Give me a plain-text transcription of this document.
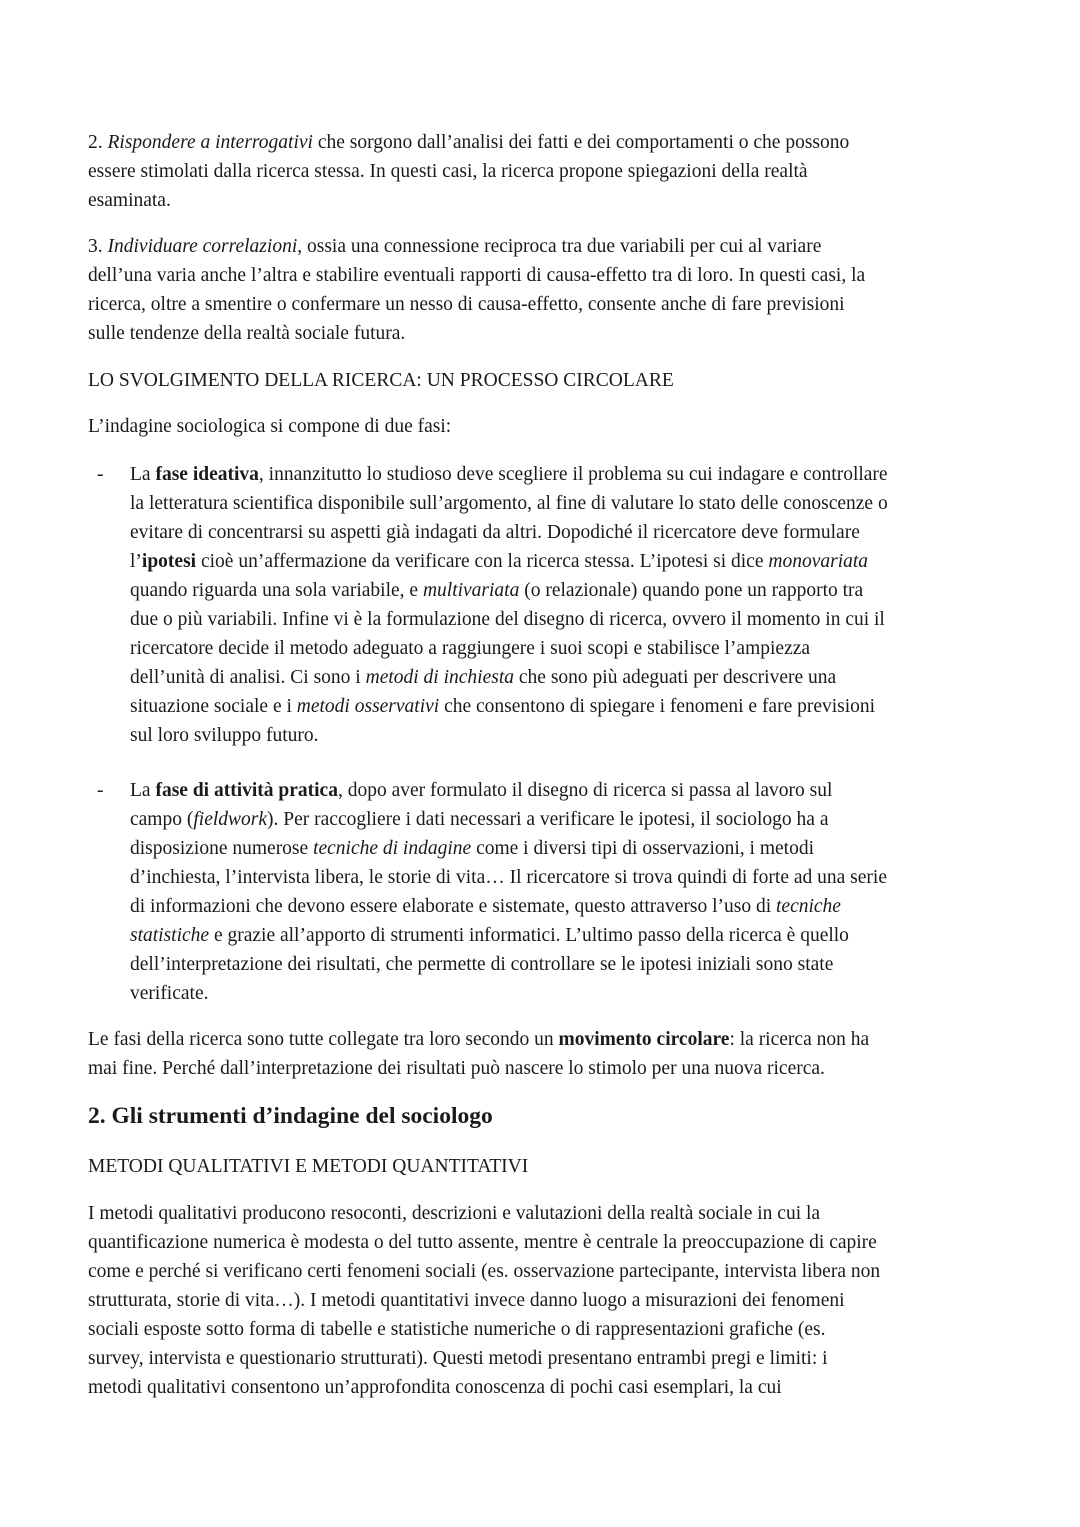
2. Rispondere a interrogativi che sorgono dall’analisi dei fatti e dei comportamenti o che possono
essere stimolati dalla ricerca stessa. In questi casi, la ricerca propone spiegazioni della realtà
esaminata.
3. Individuare correlazioni, ossia una connessione reciproca tra due variabili per cui al variare
dell’una varia anche l’altra e stabilire eventuali rapporti di causa-effetto tra di loro. In questi casi, la
ricerca, oltre a smentire o confermare un nesso di causa-effetto, consente anche di fare previsioni
sulle tendenze della realtà sociale futura.
LO SVOLGIMENTO DELLA RICERCA: UN PROCESSO CIRCOLARE
L’indagine sociologica si compone di due fasi:
- La fase ideativa, innanzitutto lo studioso deve scegliere il problema su cui indagare e controllare
la letteratura scientifica disponibile sull’argomento, al fine di valutare lo stato delle conoscenze o
evitare di concentrarsi su aspetti già indagati da altri. Dopodiché il ricercatore deve formulare
l’ipotesi cioè un’affermazione da verificare con la ricerca stessa. L’ipotesi si dice monovariata
quando riguarda una sola variabile, e multivariata (o relazionale) quando pone un rapporto tra
due o più variabili. Infine vi è la formulazione del disegno di ricerca, ovvero il momento in cui il
ricercatore decide il metodo adeguato a raggiungere i suoi scopi e stabilisce l’ampiezza
dell’unità di analisi. Ci sono i metodi di inchiesta che sono più adeguati per descrivere una
situazione sociale e i metodi osservativi che consentono di spiegare i fenomeni e fare previsioni
sul loro sviluppo futuro.
- La fase di attività pratica, dopo aver formulato il disegno di ricerca si passa al lavoro sul
campo (fieldwork). Per raccogliere i dati necessari a verificare le ipotesi, il sociologo ha a
disposizione numerose tecniche di indagine come i diversi tipi di osservazioni, i metodi
d’inchiesta, l’intervista libera, le storie di vita… Il ricercatore si trova quindi di forte ad una serie
di informazioni che devono essere elaborate e sistemate, questo attraverso l’uso di tecniche
statistiche e grazie all’apporto di strumenti informatici. L’ultimo passo della ricerca è quello
dell’interpretazione dei risultati, che permette di controllare se le ipotesi iniziali sono state
verificate.
Le fasi della ricerca sono tutte collegate tra loro secondo un movimento circolare: la ricerca non ha
mai fine. Perché dall’interpretazione dei risultati può nascere lo stimolo per una nuova ricerca.
2. Gli strumenti d’indagine del sociologo
METODI QUALITATIVI E METODI QUANTITATIVI
I metodi qualitativi producono resoconti, descrizioni e valutazioni della realtà sociale in cui la
quantificazione numerica è modesta o del tutto assente, mentre è centrale la preoccupazione di capire
come e perché si verificano certi fenomeni sociali (es. osservazione partecipante, intervista libera non
strutturata, storie di vita…). I metodi quantitativi invece danno luogo a misurazioni dei fenomeni
sociali esposte sotto forma di tabelle e statistiche numeriche o di rappresentazioni grafiche (es.
survey, intervista e questionario strutturati). Questi metodi presentano entrambi pregi e limiti: i
metodi qualitativi consentono un’approfondita conoscenza di pochi casi esemplari, la cui
